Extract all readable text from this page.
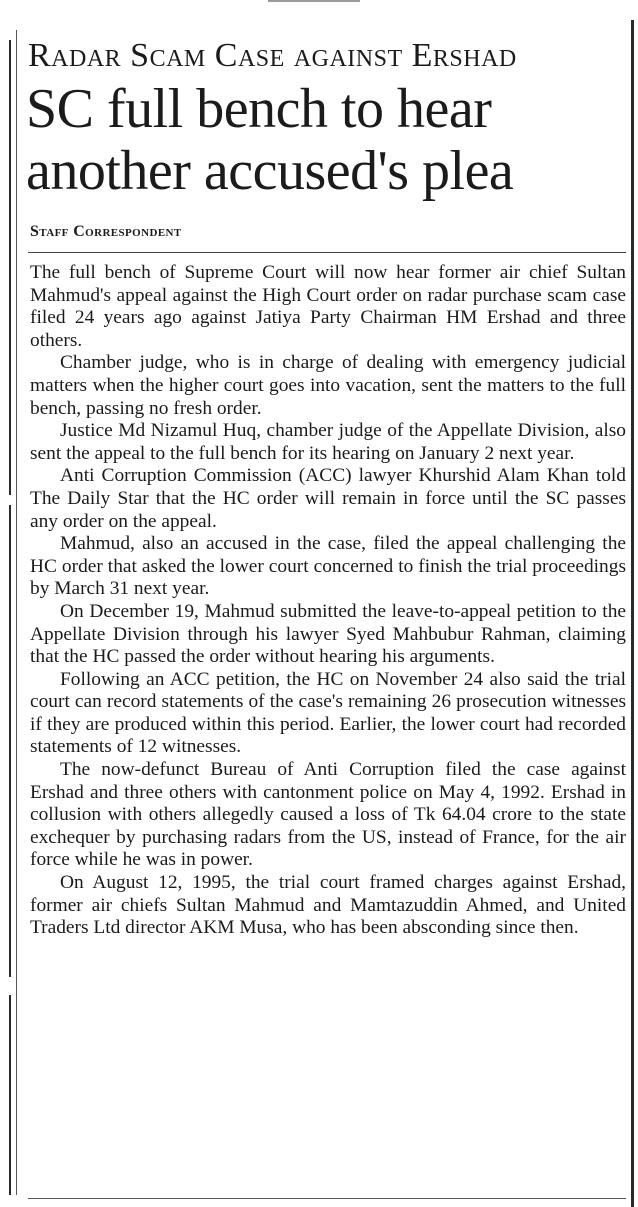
Radar Scam Case against Ershad
SC full bench to hear another accused's plea
Staff Correspondent

The full bench of Supreme Court will now hear former air chief Sultan Mahmud's appeal against the High Court order on radar purchase scam case filed 24 years ago against Jatiya Party Chairman HM Ershad and three others.

Chamber judge, who is in charge of dealing with emergency judicial matters when the higher court goes into vacation, sent the matters to the full bench, passing no fresh order.

Justice Md Nizamul Huq, chamber judge of the Appellate Division, also sent the appeal to the full bench for its hearing on January 2 next year.

Anti Corruption Commission (ACC) lawyer Khurshid Alam Khan told The Daily Star that the HC order will remain in force until the SC passes any order on the appeal.

Mahmud, also an accused in the case, filed the appeal challenging the HC order that asked the lower court concerned to finish the trial proceedings by March 31 next year.

On December 19, Mahmud submitted the leave-to-appeal petition to the Appellate Division through his lawyer Syed Mahbubur Rahman, claiming that the HC passed the order without hearing his arguments.

Following an ACC petition, the HC on November 24 also said the trial court can record statements of the case's remaining 26 prosecution witnesses if they are produced within this period. Earlier, the lower court had recorded statements of 12 witnesses.

The now-defunct Bureau of Anti Corruption filed the case against Ershad and three others with cantonment police on May 4, 1992. Ershad in collusion with others allegedly caused a loss of Tk 64.04 crore to the state exchequer by purchasing radars from the US, instead of France, for the air force while he was in power.

On August 12, 1995, the trial court framed charges against Ershad, former air chiefs Sultan Mahmud and Mamtazuddin Ahmed, and United Traders Ltd director AKM Musa, who has been absconding since then.
